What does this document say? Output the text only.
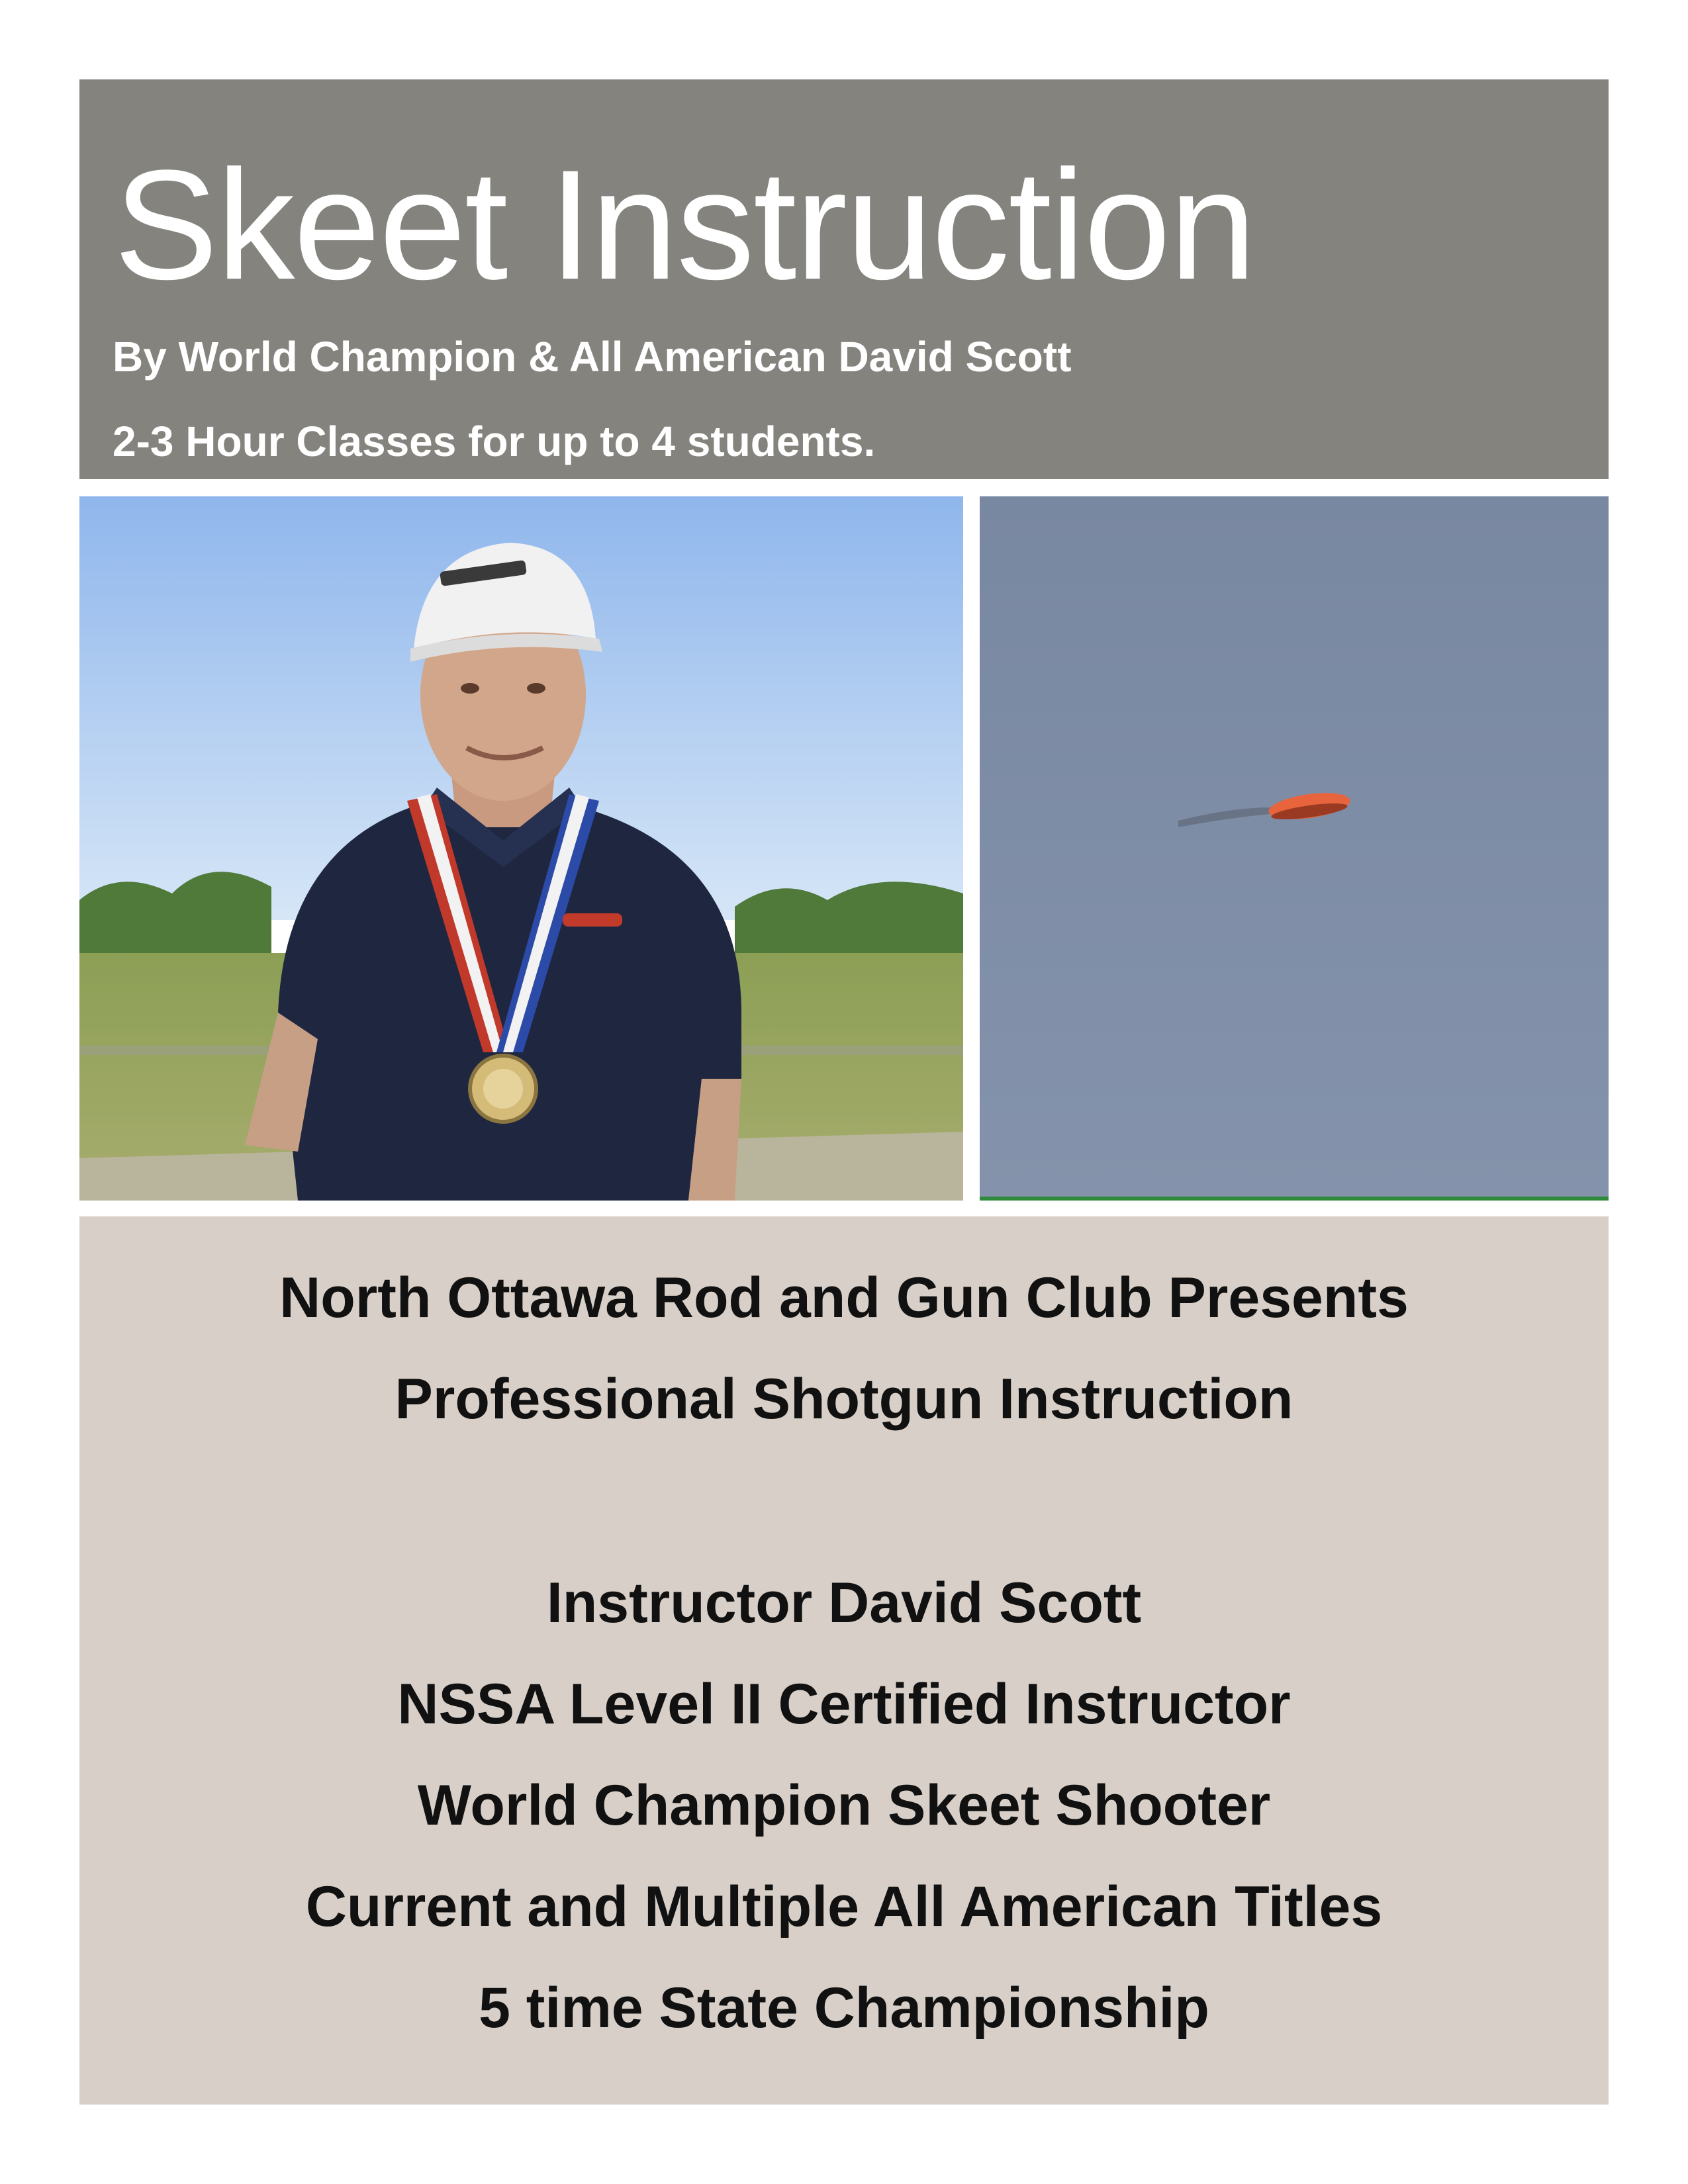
Skeet Instruction

By World Champion & All American David Scott

2-3 Hour Classes for up to 4 students.

North Ottawa Rod and Gun Club Presents
Professional Shotgun Instruction
Instructor David Scott
NSSA Level II Certified Instructor
World Champion Skeet Shooter
Current and Multiple All American Titles
5 time State Championship
